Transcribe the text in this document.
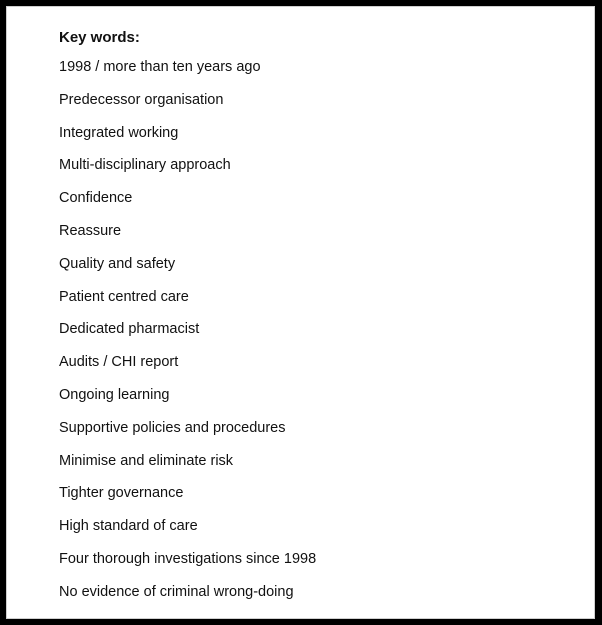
Key words:
1998 / more than ten years ago
Predecessor organisation
Integrated working
Multi-disciplinary approach
Confidence
Reassure
Quality and safety
Patient centred care
Dedicated pharmacist
Audits / CHI report
Ongoing learning
Supportive policies and procedures
Minimise and eliminate risk
Tighter governance
High standard of care
Four thorough investigations since 1998
No evidence of criminal wrong-doing
